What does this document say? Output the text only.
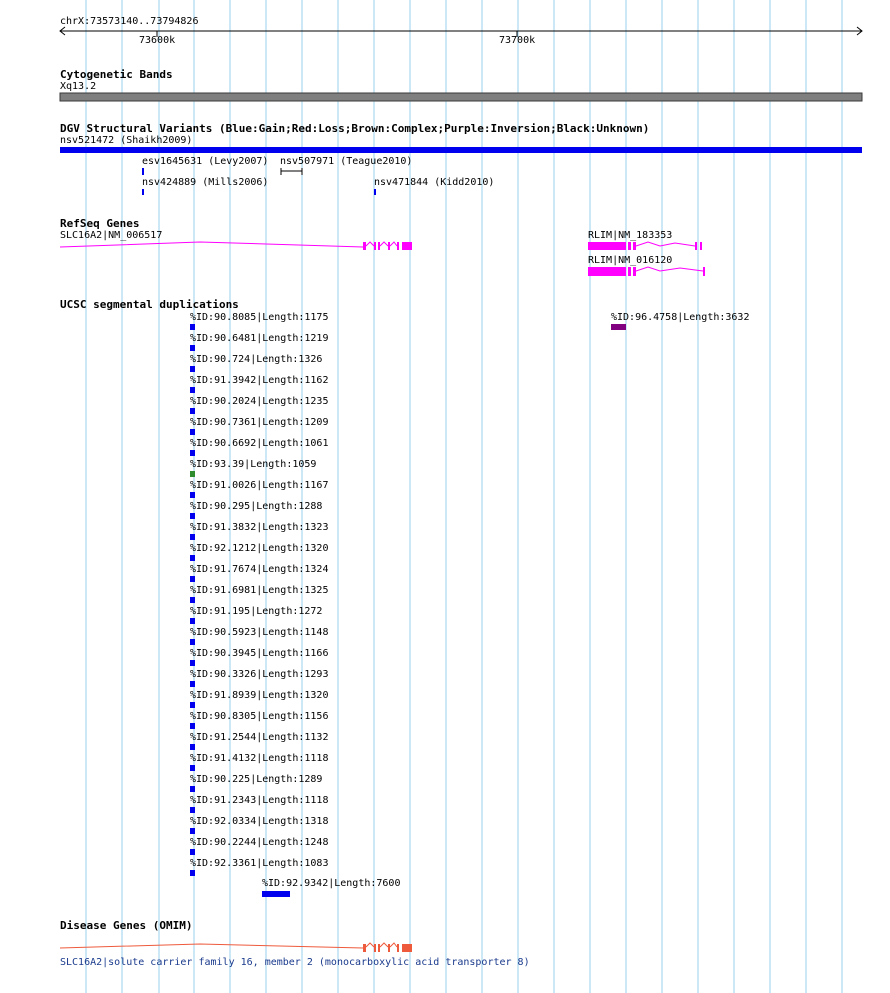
chrX:73573140..73794826
73600k	73700k
Cytogenetic Bands
Xq13.2
DGV Structural Variants (Blue:Gain;Red:Loss;Brown:Complex;Purple:Inversion;Black:Unknown)
nsv521472 (Shaikh2009)
esv1645631 (Levy2007) nsv507971 (Teague2010)
nsv424889 (Mills2006)	nsv471844 (Kidd2010)
RefSeq Genes
SLC16A2|NM_006517	RLIM|NM_183353
RLIM|NM_016120
UCSC segmental duplications
%ID:90.8085|Length:1175
%ID:90.6481|Length:1219
%ID:90.724|Length:1326
%ID:91.3942|Length:1162
%ID:90.2024|Length:1235
%ID:90.7361|Length:1209
%ID:90.6692|Length:1061
%ID:93.39|Length:1059
%ID:91.0026|Length:1167
%ID:90.295|Length:1288
%ID:91.3832|Length:1323
%ID:92.1212|Length:1320
%ID:91.7674|Length:1324
%ID:91.6981|Length:1325
%ID:91.195|Length:1272
%ID:90.5923|Length:1148
%ID:90.3945|Length:1166
%ID:90.3326|Length:1293
%ID:91.8939|Length:1320
%ID:90.8305|Length:1156
%ID:91.2544|Length:1132
%ID:91.4132|Length:1118
%ID:90.225|Length:1289
%ID:91.2343|Length:1118
%ID:92.0334|Length:1318
%ID:90.2244|Length:1248
%ID:92.3361|Length:1083
%ID:92.9342|Length:7600
%ID:96.4758|Length:3632
Disease Genes (OMIM)
SLC16A2|solute carrier family 16, member 2 (monocarboxylic acid transporter 8)
